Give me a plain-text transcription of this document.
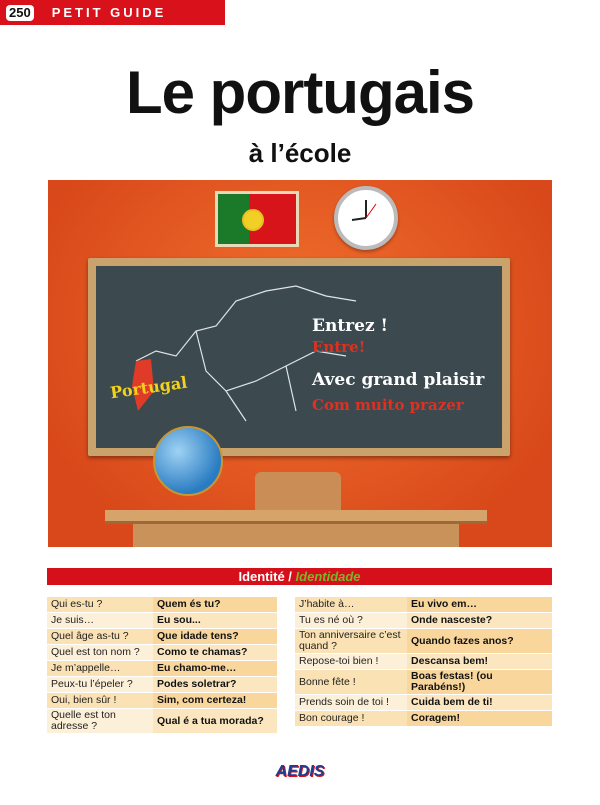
250 PETIT GUIDE
Le portugais
à l’école
Entrez !
Entre!
Avec grand plaisir
Com muito prazer
Portugal
Identité / Identidade
Qui es-tu ?	Quem és tu?
Je suis…	Eu sou...
Quel âge as-tu ?	Que idade tens?
Quel est ton nom ?	Como te chamas?
Je m’appelle…	Eu chamo-me…
Peux-tu l’épeler ?	Podes soletrar?
Oui, bien sûr !	Sim, com certeza!
Quelle est ton adresse ?	Qual é a tua morada?
J’habite à…	Eu vivo em…
Tu es né où ?	Onde nasceste?
Ton anniversaire c’est quand ?	Quando fazes anos?
Repose-toi bien !	Descansa bem!
Bonne fête !	Boas festas! (ou Parabéns!)
Prends soin de toi !	Cuida bem de ti!
Bon courage !	Coragem!
AEDIS
